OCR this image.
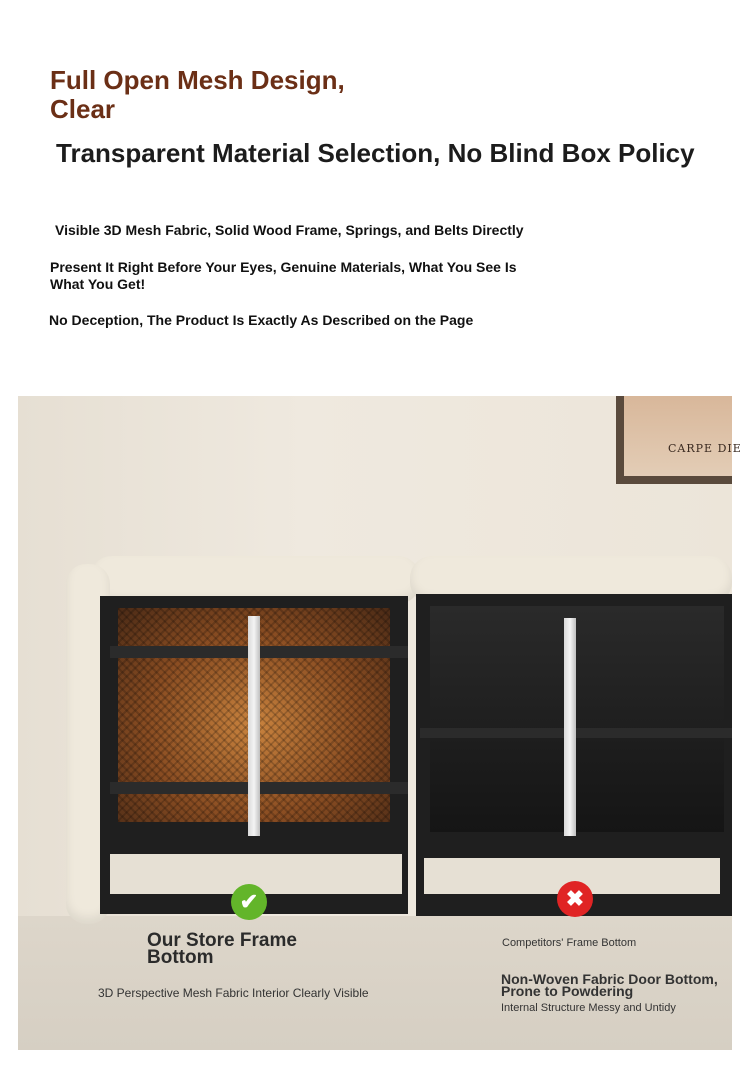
Full Open Mesh Design, Clear
Transparent Material Selection, No Blind Box Policy
Visible 3D Mesh Fabric, Solid Wood Frame, Springs, and Belts Directly
Present It Right Before Your Eyes, Genuine Materials, What You See Is What You Get!
No Deception, The Product Is Exactly As Described on the Page
CARPE DIE
✔	✖
Our Store Frame Bottom
3D Perspective Mesh Fabric Interior Clearly Visible
Competitors' Frame Bottom
Non-Woven Fabric Door Bottom, Prone to Powdering
Internal Structure Messy and Untidy
